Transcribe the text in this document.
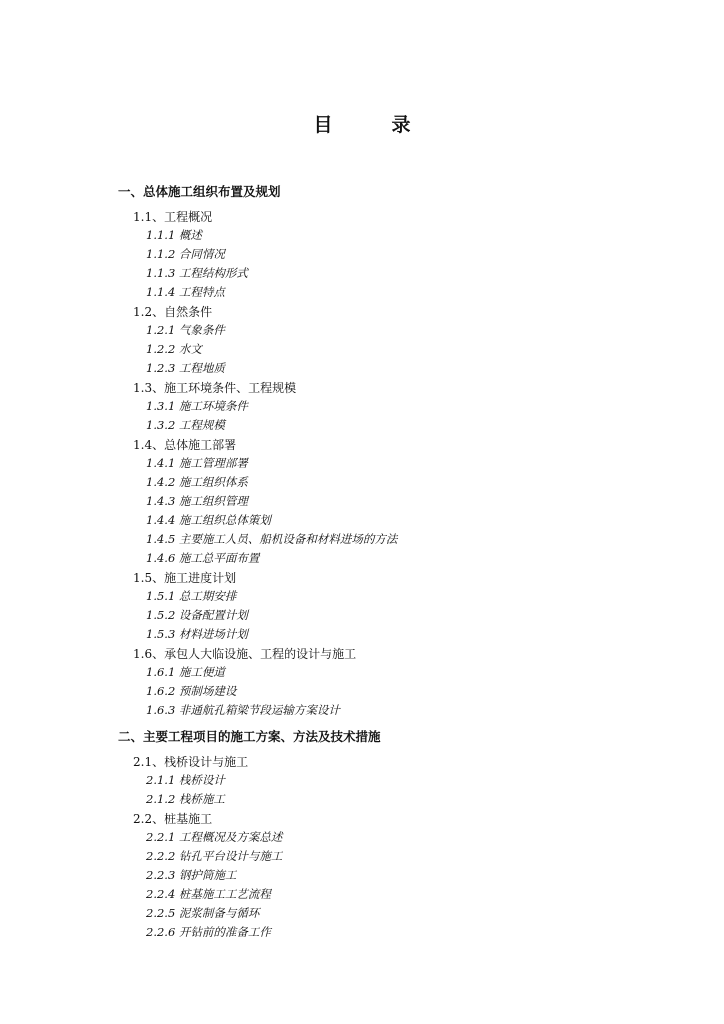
目　录
一、总体施工组织布置及规划
1.1、工程概况
1.1.1 概述
1.1.2 合同情况
1.1.3 工程结构形式
1.1.4 工程特点
1.2、自然条件
1.2.1 气象条件
1.2.2 水文
1.2.3 工程地质
1.3、施工环境条件、工程规模
1.3.1 施工环境条件
1.3.2 工程规模
1.4、总体施工部署
1.4.1 施工管理部署
1.4.2 施工组织体系
1.4.3 施工组织管理
1.4.4 施工组织总体策划
1.4.5 主要施工人员、船机设备和材料进场的方法
1.4.6 施工总平面布置
1.5、施工进度计划
1.5.1 总工期安排
1.5.2 设备配置计划
1.5.3 材料进场计划
1.6、承包人大临设施、工程的设计与施工
1.6.1 施工便道
1.6.2 预制场建设
1.6.3 非通航孔箱梁节段运输方案设计
二、主要工程项目的施工方案、方法及技术措施
2.1、栈桥设计与施工
2.1.1 栈桥设计
2.1.2 栈桥施工
2.2、桩基施工
2.2.1 工程概况及方案总述
2.2.2 钻孔平台设计与施工
2.2.3 钢护筒施工
2.2.4 桩基施工工艺流程
2.2.5 泥浆制备与循环
2.2.6 开钻前的准备工作
